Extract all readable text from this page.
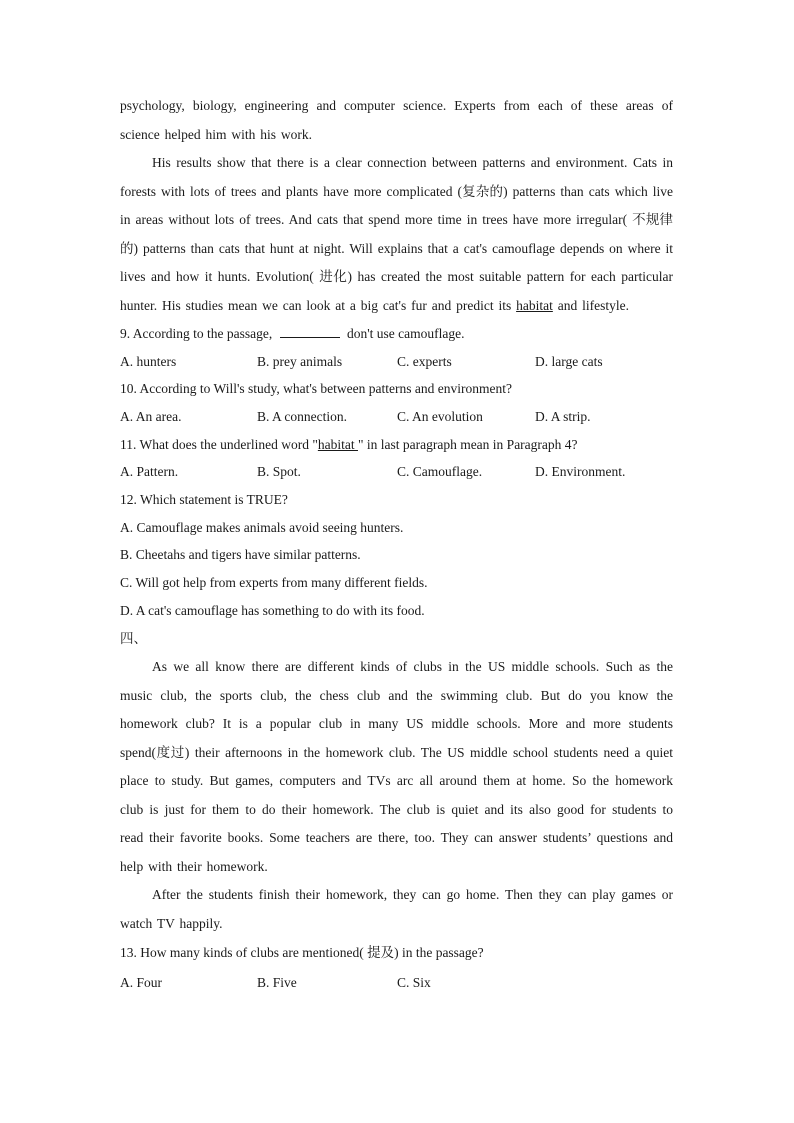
psychology, biology, engineering and computer science. Experts from each of these areas of science helped him with his work.

His results show that there is a clear connection between patterns and environment. Cats in forests with lots of trees and plants have more complicated (复杂的) patterns than cats which live in areas without lots of trees. And cats that spend more time in trees have more irregular( 不规律的) patterns than cats that hunt at night. Will explains that a cat's camouflage depends on where it lives and how it hunts. Evolution( 进化) has created the most suitable pattern for each particular hunter. His studies mean we can look at a big cat's fur and predict its habitat and lifestyle.

9. According to the passage,	don't use camouflage.

A. hunters	B. prey animals	C. experts	D. large cats

10. According to Will's study, what's between patterns and environment?

A. An area.	B. A connection.	C. An evolution	D. A strip.

11. What does the underlined word "habitat " in last paragraph mean in Paragraph 4?

A. Pattern.	B. Spot.	C. Camouflage.	D. Environment.

12. Which statement is TRUE?

A. Camouflage makes animals avoid seeing hunters.

B. Cheetahs and tigers have similar patterns.

C. Will got help from experts from many different fields.

D. A cat's camouflage has something to do with its food.

四、

As we all know there are different kinds of clubs in the US middle schools. Such as the music club, the sports club, the chess club and the swimming club. But do you know the homework club? It is a popular club in many US middle schools. More and more students spend(度过) their afternoons in the homework club. The US middle school students need a quiet place to study. But games, computers and TVs arc all around them at home. So the homework club is just for them to do their homework. The club is quiet and its also good for students to read their favorite books. Some teachers are there, too. They can answer students’ questions and help with their homework.

After the students finish their homework, they can go home. Then they can play games or watch TV happily.

13. How many kinds of clubs are mentioned( 提及) in the passage?

A. Four	B. Five	C. Six
